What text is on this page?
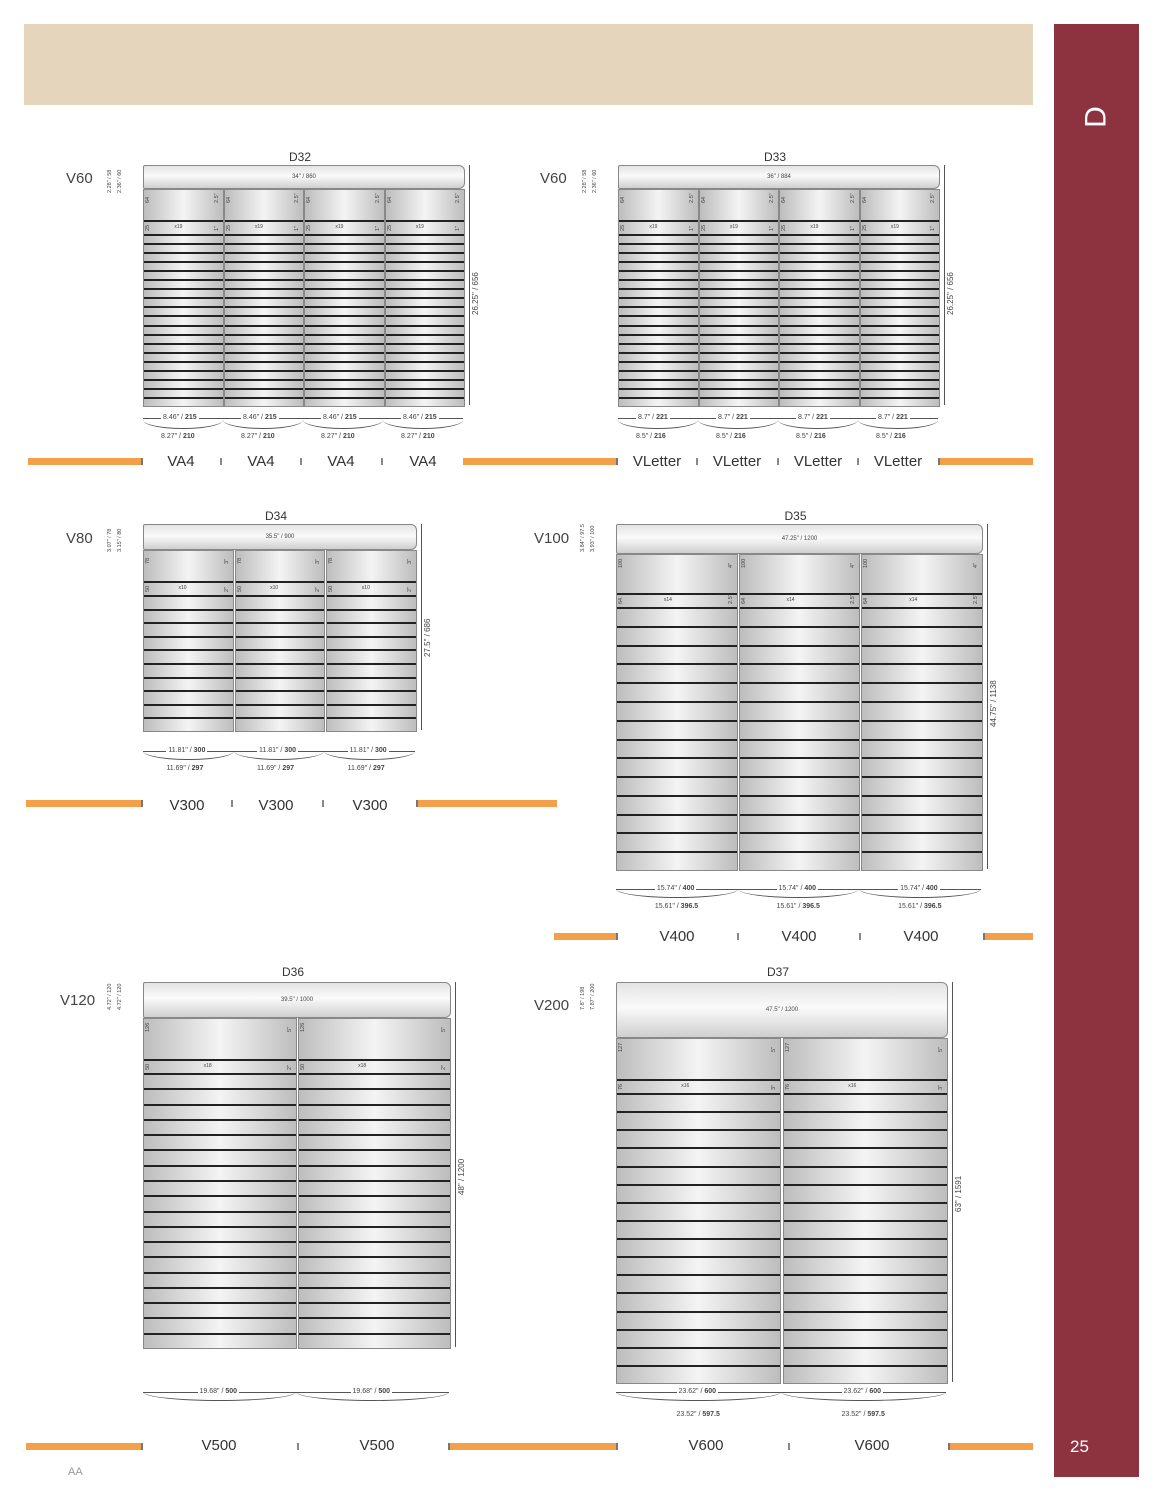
D
25
AA
D32
V60	2.28" / 58 2.36" / 60	34" / 860
64	2.5"
25	1"
x19
64	2.5"
25	1"
x19
64	2.5"
25	1"
x19
64	2.5"
25	1"
x19
26.25" / 656
8.46" / 215
8.27" / 210
8.46" / 215
8.27" / 210
8.46" / 215
8.27" / 210
8.46" / 215
8.27" / 210
VA4	VA4	VA4	VA4
D33
V60	2.28" / 58 2.36" / 60	36" / 884
64	2.5"
25	1"
x19
64	2.5"
25	1"
x19
64	2.5"
25	1"
x19
64	2.5"
25	1"
x19
26.25" / 656
8.7" / 221
8.5" / 216
8.7" / 221
8.5" / 216
8.7" / 221
8.5" / 216
8.7" / 221
8.5" / 216
VLetter VLetter VLetter VLetter
D34
V80	3.07" / 78 3.15" / 80	35.5" / 900
78	3"
50	2"
x10
78	3"
50	2"
x10
78	3"
50	2"
x10
27.5" / 686
11.81" / 300
11.69" / 297
11.81" / 300
11.69" / 297
11.81" / 300
11.69" / 297
V300	V300	V300
D35
V100 3.84" / 97.5 3.93" / 100	47.25" / 1200
100	4"
64	2.5"
x14
100	4"
64	2.5"
x14
100	4"
64	2.5"
x14
44.75" / 1138
15.74" / 400
15.61" / 396.5
15.74" / 400
15.61" / 396.5
15.74" / 400
15.61" / 396.5
V400	V400	V400
D36
V120 4.72" / 120 4.72" / 120	39.5" / 1000
126	5"
50	2"
x18
126	5"
50	2"
x18
48" / 1200
19.68" / 500	19.68" / 500
V500	V500
D37
V200 7.8" / 198 7.87" / 200	47.5" / 1200
127	5"
76	3"
x16
127	5"
76	3"
x16
63" / 1591
23.62" / 600
23.52" / 597.5
23.62" / 600
23.52" / 597.5
V600	V600
